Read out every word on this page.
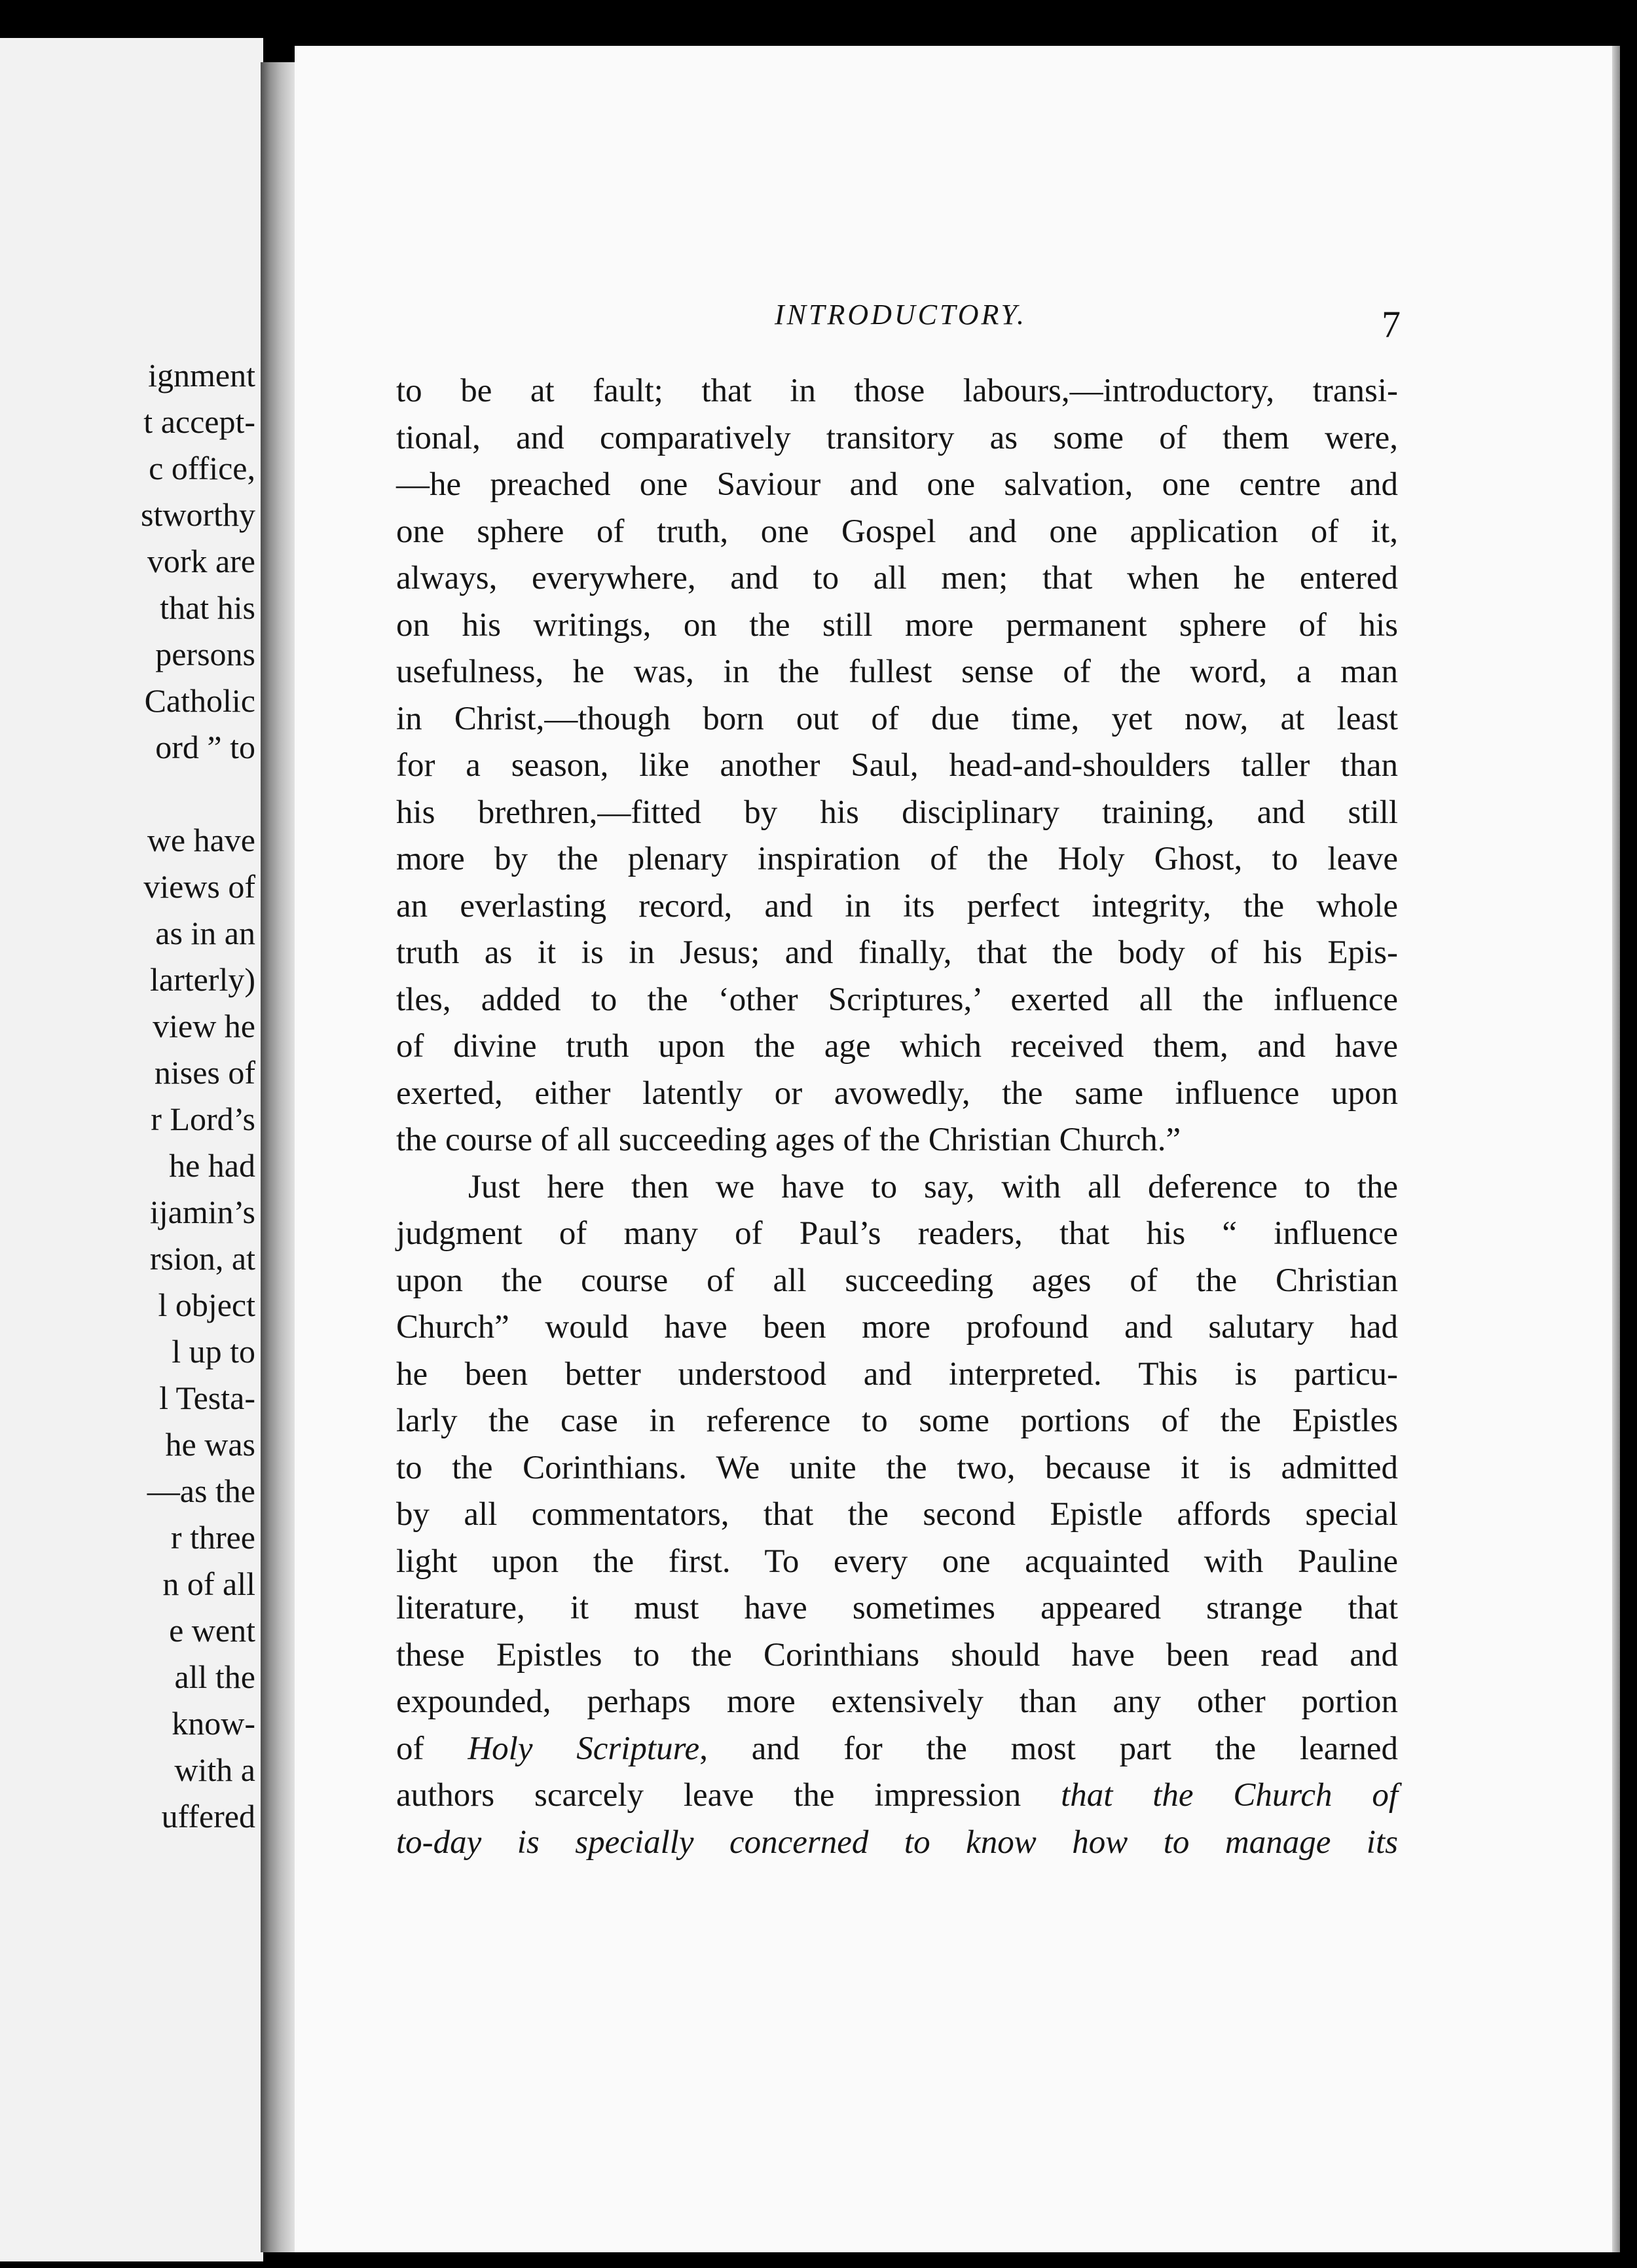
ignment
t accept-
c office,
stworthy
vork are
that his
persons
Catholic
ord ” to
we have
views of
as in an
larterly)
view he
nises of
r Lord’s
he had
ijamin’s
rsion, at
l object
l up to
l Testa-
he was
—as the
r three
n of all
e went
all the
know-
with a
uffered
INTRODUCTORY.	7
to be at fault; that in those labours,—introductory, transi-
tional, and comparatively transitory as some of them were,
—he preached one Saviour and one salvation, one centre and
one sphere of truth, one Gospel and one application of it,
always, everywhere, and to all men; that when he entered
on his writings, on the still more permanent sphere of his
usefulness, he was, in the fullest sense of the word, a man
in Christ,—though born out of due time, yet now, at least
for a season, like another Saul, head-and-shoulders taller than
his brethren,—fitted by his disciplinary training, and still
more by the plenary inspiration of the Holy Ghost, to leave
an everlasting record, and in its perfect integrity, the whole
truth as it is in Jesus; and finally, that the body of his Epis-
tles, added to the ‘other Scriptures,’ exerted all the influence
of divine truth upon the age which received them, and have
exerted, either latently or avowedly, the same influence upon
the course of all succeeding ages of the Christian Church.”
Just here then we have to say, with all deference to the
judgment of many of Paul’s readers, that his “ influence
upon the course of all succeeding ages of the Christian
Church” would have been more profound and salutary had
he been better understood and interpreted. This is particu-
larly the case in reference to some portions of the Epistles
to the Corinthians. We unite the two, because it is admitted
by all commentators, that the second Epistle affords special
light upon the first. To every one acquainted with Pauline
literature, it must have sometimes appeared strange that
these Epistles to the Corinthians should have been read and
expounded, perhaps more extensively than any other portion
of Holy Scripture, and for the most part the learned
authors scarcely leave the impression that the Church of
to-day is specially concerned to know how to manage its
